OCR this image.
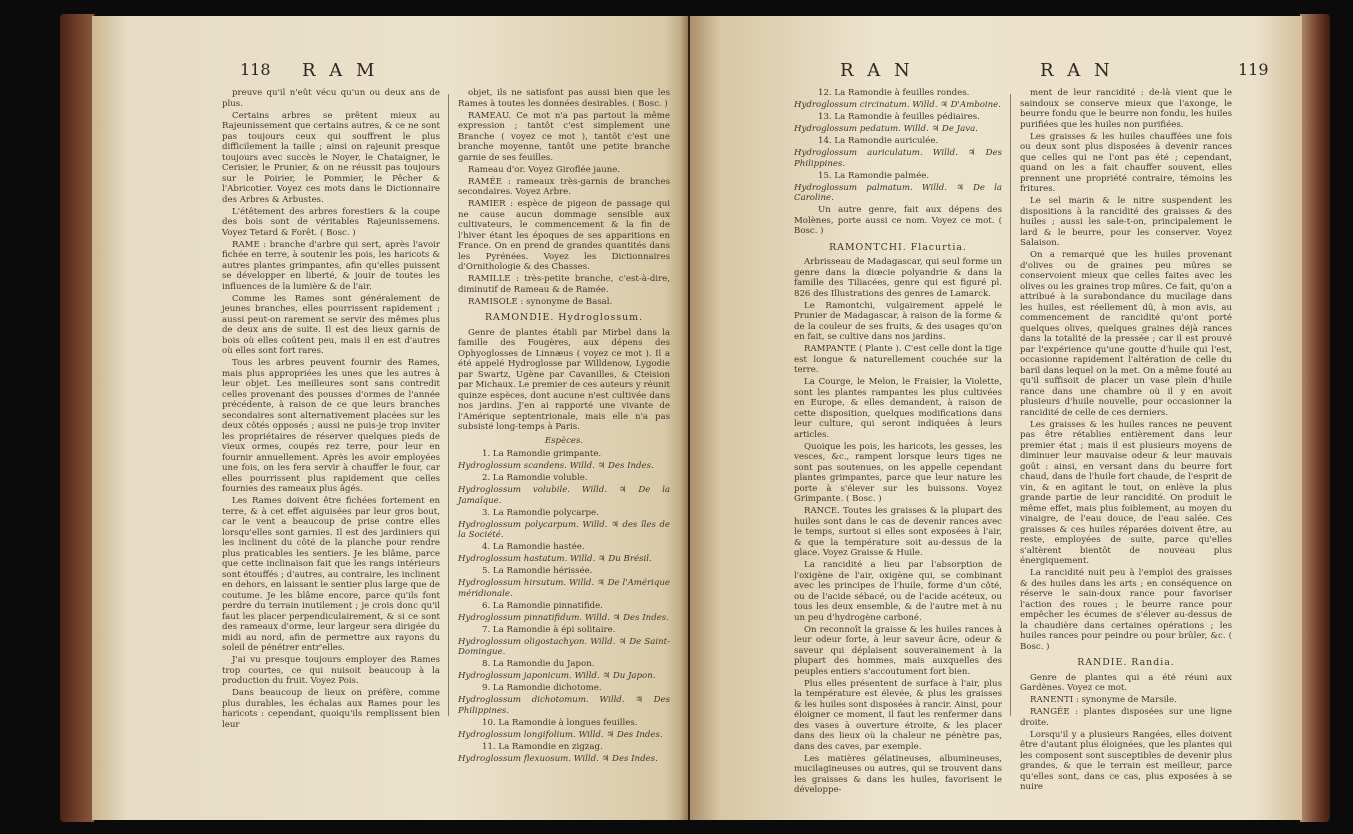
118 R A M

preuve qu'il n'eût vécu qu'un ou deux ans de plus.

Certains arbres se prêtent mieux au Rajeunissement que certains autres, & ce ne sont pas toujours ceux qui souffrent le plus difficilement la taille ; ainsi on rajeunit presque toujours avec succès le Noyer, le Chataigner, le Cerisier, le Prunier, & on ne réussit pas toujours sur le Poirier, le Pommier, le Pêcher & l'Abricotier. Voyez ces mots dans le Dictionnaire des Arbres & Arbustes.

L'étêtement des arbres forestiers & la coupe des bois sont de véritables Rajeunissemens. Voyez Tetard & Forêt. ( Bosc. )

RAME : branche d'arbre qui sert, après l'avoir fichée en terre, à soutenir les pois, les haricots & autres plantes grimpantes, afin qu'elles puissent se développer en liberté, & jouir de toutes les influences de la lumière & de l'air.

Comme les Rames sont généralement de jeunes branches, elles pourrissent rapidement ; aussi peut-on rarement se servir des mêmes plus de deux ans de suite. Il est des lieux garnis de bois où elles coûtent peu, mais il en est d'autres où elles sont fort rares.

Tous les arbres peuvent fournir des Rames, mais plus appropriées les unes que les autres à leur objet. Les meilleures sont sans contredit celles provenant des pousses d'ormes de l'année précédente, à raison de ce que leurs branches secondaires sont alternativement placées sur les deux côtés opposés ; aussi ne puis-je trop inviter les propriétaires de réserver quelques pieds de vieux ormes, coupés rez terre, pour leur en fournir annuellement. Après les avoir employées une fois, on les fera servir à chauffer le four, car elles pourrissent plus rapidement que celles fournies des rameaux plus âgés.

Les Rames doivent être fichées fortement en terre, & à cet effet aiguisées par leur gros bout, car le vent a beaucoup de prise contre elles lorsqu'elles sont garnies. Il est des jardiniers qui les inclinent du côté de la planche pour rendre plus praticables les sentiers. Je les blâme, parce que cette inclinaison fait que les rangs intérieurs sont étouffés ; d'autres, au contraire, les inclinent en dehors, en laissant le sentier plus large que de coutume. Je les blâme encore, parce qu'ils font perdre du terrain inutilement ; je crois donc qu'il faut les placer perpendiculairement, & si ce sont des rameaux d'orme, leur largeur sera dirigée du midi au nord, afin de permettre aux rayons du soleil de pénétrer entr'elles.

J'ai vu presque toujours employer des Rames trop courtes, ce qui nuisoit beaucoup à la production du fruit. Voyez Pois.

Dans beaucoup de lieux on préfère, comme plus durables, les échalas aux Rames pour les haricots : cependant, quoiqu'ils remplissent bien leur

objet, ils ne satisfont pas aussi bien que les Rames à toutes les données desirables. ( Bosc. )

RAMEAU. Ce mot n'a pas partout la même expression ; tantôt c'est simplement une Branche ( voyez ce mot ), tantôt c'est une branche moyenne, tantôt une petite branche garnie de ses feuilles.

Rameau d'or. Voyez Giroflée jaune.

RAMÉE : rameaux très-garnis de branches secondaires. Voyez Arbre.

RAMIER : espèce de pigeon de passage qui ne cause aucun dommage sensible aux cultivateurs, le commencement & la fin de l'hiver étant les époques de ses apparitions en France. On en prend de grandes quantités dans les Pyrénées. Voyez les Dictionnaires d'Ornithologie & des Chasses.

RAMILLE : très-petite branche, c'est-à-dire, diminutif de Rameau & de Ramée.

RAMISOLE : synonyme de Basal.

RAMONDIE. Hydroglossum.

Genre de plantes établi par Mirbel dans la famille des Fougères, aux dépens des Ophyoglosses de Linnæus ( voyez ce mot ). Il a été appelé Hydroglosse par Willdenow, Lygodie par Swartz, Ugène par Cavanilles, & Cteision par Michaux. Le premier de ces auteurs y réunit quinze espèces, dont aucune n'est cultivée dans nos jardins. J'en ai rapporté une vivante de l'Amérique septentrionale, mais elle n'a pas subsisté long-temps à Paris.

Espèces.

1. La Ramondie grimpante.

Hydroglossum scandens. Willd. ♃ Des Indes.

2. La Ramondie voluble.

Hydroglossum volubile. Willd. ♃ De la Jamaïque.

3. La Ramondie polycarpe.

Hydroglossum polycarpum. Willd. ♃ des îles de la Société.

4. La Ramondie hastée.

Hydroglossum hastatum. Willd. ♃ Du Brésil.

5. La Ramondie hérissée.

Hydroglossum hirsutum. Willd. ♃ De l'Amérique méridionale.

6. La Ramondie pinnatifide.

Hydroglossum pinnatifidum. Willd. ♃ Des Indes.

7. La Ramondie à épi solitaire.

Hydroglossum oligostachyon. Willd. ♃ De Saint-Domingue.

8. La Ramondie du Japon.

Hydroglossum japonicum. Willd. ♃ Du Japon.

9. La Ramondie dichotome.

Hydroglossum dichotomum. Willd. ♃ Des Philippines.

10. La Ramondie à longues feuilles.

Hydroglossum longifolium. Willd. ♃ Des Indes.

11. La Ramondie en zigzag.

Hydroglossum flexuosum. Willd. ♃ Des Indes.

R A N	R A N	119

12. La Ramondie à feuilles rondes.

Hydroglossum circinatum. Willd. ♃ D'Amboine.

13. La Ramondie à feuilles pédiaires.

Hydroglossum pedatum. Willd. ♃ De Java.

14. La Ramondie auriculée.

Hydroglossum auriculatum. Willd. ♃ Des Philippines.

15. La Ramondie palmée.

Hydroglossum palmatum. Willd. ♃ De la Caroline.

Un autre genre, fait aux dépens des Molènes, porte aussi ce nom. Voyez ce mot. ( Bosc. )

RAMONTCHI. Flacurtia.

Arbrisseau de Madagascar, qui seul forme un genre dans la diœcie polyandrie & dans la famille des Tiliacées, genre qui est figuré pl. 826 des Illustrations des genres de Lamarck.

Le Ramontchi, vulgairement appelé le Prunier de Madagascar, à raison de la forme & de la couleur de ses fruits, & des usages qu'on en fait, se cultive dans nos jardins.

RAMPANTE ( Plante ). C'est celle dont la tige est longue & naturellement couchée sur la terre.

La Courge, le Melon, le Fraisier, la Violette, sont les plantes rampantes les plus cultivées en Europe, & elles demandent, à raison de cette disposition, quelques modifications dans leur culture, qui seront indiquées à leurs articles.

Quoique les pois, les haricots, les gesses, les vesces, &c., rampent lorsque leurs tiges ne sont pas soutenues, on les appelle cependant plantes grimpantes, parce que leur nature les porte à s'élever sur les buissons. Voyez Grimpante. ( Bosc. )

RANCE. Toutes les graisses & la plupart des huiles sont dans le cas de devenir rances avec le temps, surtout si elles sont exposées à l'air, & que la température soit au-dessus de la glace. Voyez Graisse & Huile.

La rancidité a lieu par l'absorption de l'oxigène de l'air, oxigène qui, se combinant avec les principes de l'huile, forme d'un côté, ou de l'acide sébacé, ou de l'acide acéteux, ou tous les deux ensemble, & de l'autre met à nu un peu d'hydrogène carboné.

On reconnoît la graisse & les huiles rances à leur odeur forte, à leur saveur âcre, odeur & saveur qui déplaisent souverainement à la plupart des hommes, mais auxquelles des peuples entiers s'accoutument fort bien.

Plus elles présentent de surface à l'air, plus la température est élevée, & plus les graisses & les huiles sont disposées à rancir. Ainsi, pour éloigner ce moment, il faut les renfermer dans des vases à ouverture étroite, & les placer dans des lieux où la chaleur ne pénètre pas, dans des caves, par exemple.

Les matières gélatineuses, albumineuses, mucilagineuses ou autres, qui se trouvent dans les graisses & dans les huiles, favorisent le développe-

ment de leur rancidité : de-là vient que le saindoux se conserve mieux que l'axonge, le beurre fondu que le beurre non fondu, les huiles purifiées que les huiles non purifiées.

Les graisses & les huiles chauffées une fois ou deux sont plus disposées à devenir rances que celles qui ne l'ont pas été ; cependant, quand on les a fait chauffer souvent, elles prennent une propriété contraire, témoins les fritures.

Le sel marin & le nitre suspendent les dispositions à la rancidité des graisses & des huiles ; aussi les sale-t-on, principalement le lard & le beurre, pour les conserver. Voyez Salaison.

On a remarqué que les huiles provenant d'olives ou de graines peu mûres se conservoient mieux que celles faites avec les olives ou les graines trop mûres. Ce fait, qu'on a attribué à la surabondance du mucilage dans les huiles, est réellement dû, à mon avis, au commencement de rancidité qu'ont porté quelques olives, quelques graines déjà rances dans la totalité de la pressée ; car il est prouvé par l'expérience qu'une goutte d'huile qui l'est, occasionne rapidement l'altération de celle du baril dans lequel on la met. On a même fouté au qu'il suffisoit de placer un vase plein d'huile rance dans une chambre où il y en avoit plusieurs d'huile nouvelle, pour occasionner la rancidité de celle de ces derniers.

Les graisses & les huiles rances ne peuvent pas être rétablies entièrement dans leur premier état ; mais il est plusieurs moyens de diminuer leur mauvaise odeur & leur mauvais goût : ainsi, en versant dans du beurre fort chaud, dans de l'huile fort chaude, de l'esprit de vin, & en agitant le tout, on enlève la plus grande partie de leur rancidité. On produit le même effet, mais plus foiblement, au moyen du vinaigre, de l'eau douce, de l'eau salée. Ces graisses & ces huiles réparées doivent être, au reste, employées de suite, parce qu'elles s'altèrent bientôt de nouveau plus énergiquement.

La rancidité nuit peu à l'emploi des graisses & des huiles dans les arts ; en conséquence on réserve le sain-doux rance pour favoriser l'action des roues ; le beurre rance pour empêcher les écumes de s'élever au-dessus de la chaudière dans certaines opérations ; les huiles rances pour peindre ou pour brûler, &c. ( Bosc. )

RANDIE. Randia.

Genre de plantes qui a été réuni aux Gardènes. Voyez ce mot.

RANENTI : synonyme de Marsile.

RANGÉE : plantes disposées sur une ligne droite.

Lorsqu'il y a plusieurs Rangées, elles doivent être d'autant plus éloignées, que les plantes qui les composent sont susceptibles de devenir plus grandes, & que le terrain est meilleur, parce qu'elles sont, dans ce cas, plus exposées à se nuire
